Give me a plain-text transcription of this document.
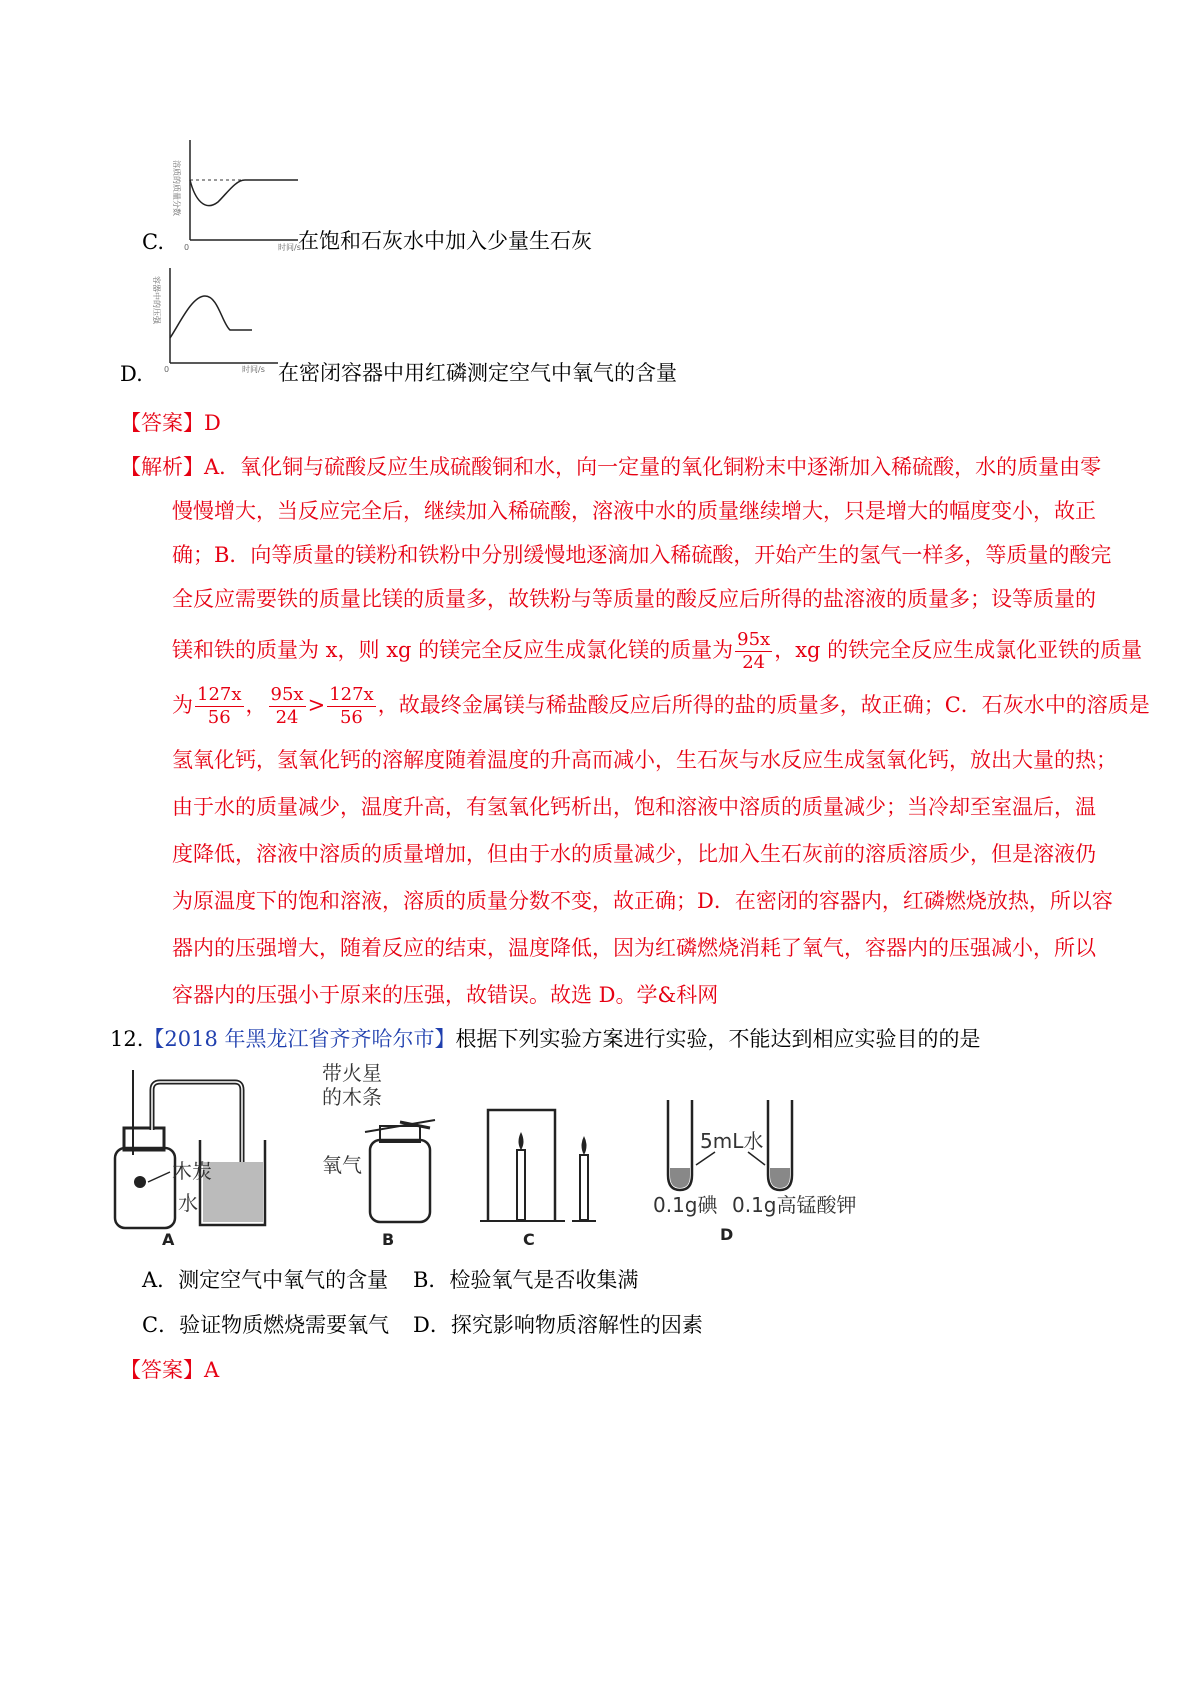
溶质的质量分数
0	时间/s
C.	在饱和石灰水中加入少量生石灰
容器中的压强
0	时间/s
D.	在密闭容器中用红磷测定空气中氧气的含量
【答案】D
【解析】A．氧化铜与硫酸反应生成硫酸铜和水，向一定量的氧化铜粉末中逐渐加入稀硫酸，水的质量由零
慢慢增大，当反应完全后，继续加入稀硫酸，溶液中水的质量继续增大，只是增大的幅度变小，故正
确；B．向等质量的镁粉和铁粉中分别缓慢地逐滴加入稀硫酸，开始产生的氢气一样多，等质量的酸完
全反应需要铁的质量比镁的质量多，故铁粉与等质量的酸反应后所得的盐溶液的质量多；设等质量的
镁和铁的质量为 x，则 xg 的镁完全反应生成氯化镁的质量为 $\frac{95x}{24}$ ，xg 的铁完全反应生成氯化亚铁的质量
为 $\frac{127x}{56}$ ， $\frac{95x}{24} > \frac{127x}{56}$ ，故最终金属镁与稀盐酸反应后所得的盐的质量多，故正确；C．石灰水中的溶质是
氢氧化钙，氢氧化钙的溶解度随着温度的升高而减小，生石灰与水反应生成氢氧化钙，放出大量的热；
由于水的质量减少，温度升高，有氢氧化钙析出，饱和溶液中溶质的质量减少；当冷却至室温后，温
度降低，溶液中溶质的质量增加，但由于水的质量减少，比加入生石灰前的溶质溶质少，但是溶液仍
为原温度下的饱和溶液，溶质的质量分数不变，故正确；D．在密闭的容器内，红磷燃烧放热，所以容
器内的压强增大，随着反应的结束，温度降低，因为红磷燃烧消耗了氧气，容器内的压强减小，所以
容器内的压强小于原来的压强，故错误。故选 D。学&科网
12.【2018 年黑龙江省齐齐哈尔市】根据下列实验方案进行实验，不能达到相应实验目的的是
木炭
水
A
带火星
的木条
氧气
B	C
5mL水
0.1g碘 0.1g高锰酸钾
D
A．测定空气中氧气的含量 B．检验氧气是否收集满
C．验证物质燃烧需要氧气 D．探究影响物质溶解性的因素
【答案】A
